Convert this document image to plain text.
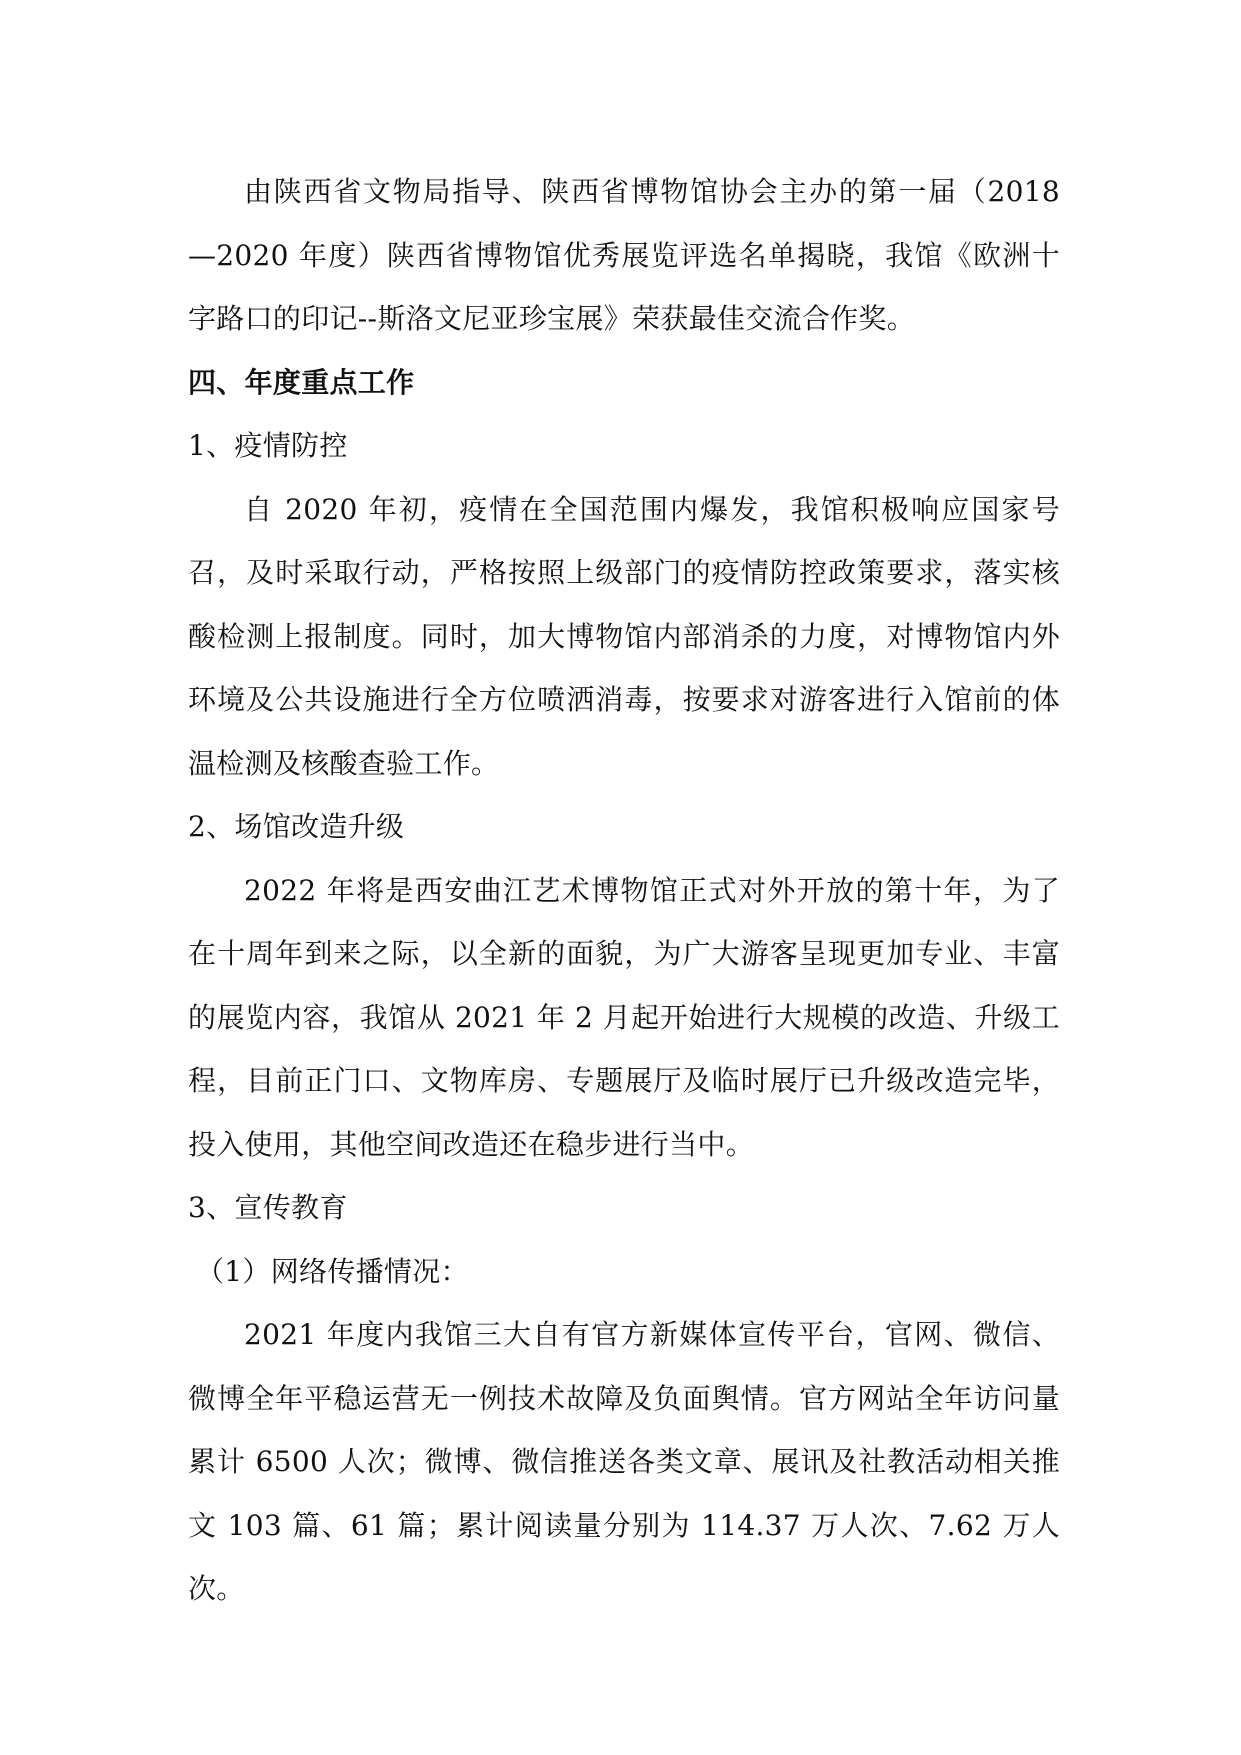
由陕西省文物局指导、陕西省博物馆协会主办的第一届（2018 —2020 年度）陕西省博物馆优秀展览评选名单揭晓，我馆《欧洲十字路口的印记--斯洛文尼亚珍宝展》荣获最佳交流合作奖。

四、年度重点工作

1、疫情防控

自 2020 年初，疫情在全国范围内爆发，我馆积极响应国家号召，及时采取行动，严格按照上级部门的疫情防控政策要求，落实核酸检测上报制度。同时，加大博物馆内部消杀的力度，对博物馆内外环境及公共设施进行全方位喷洒消毒，按要求对游客进行入馆前的体温检测及核酸查验工作。

2、场馆改造升级

2022 年将是西安曲江艺术博物馆正式对外开放的第十年，为了在十周年到来之际，以全新的面貌，为广大游客呈现更加专业、丰富的展览内容，我馆从 2021 年 2 月起开始进行大规模的改造、升级工程，目前正门口、文物库房、专题展厅及临时展厅已升级改造完毕，投入使用，其他空间改造还在稳步进行当中。

3、宣传教育

（1）网络传播情况：

2021 年度内我馆三大自有官方新媒体宣传平台，官网、微信、微博全年平稳运营无一例技术故障及负面舆情。官方网站全年访问量累计 6500 人次；微博、微信推送各类文章、展讯及社教活动相关推文 103 篇、61 篇；累计阅读量分别为 114.37 万人次、7.62 万人次。
